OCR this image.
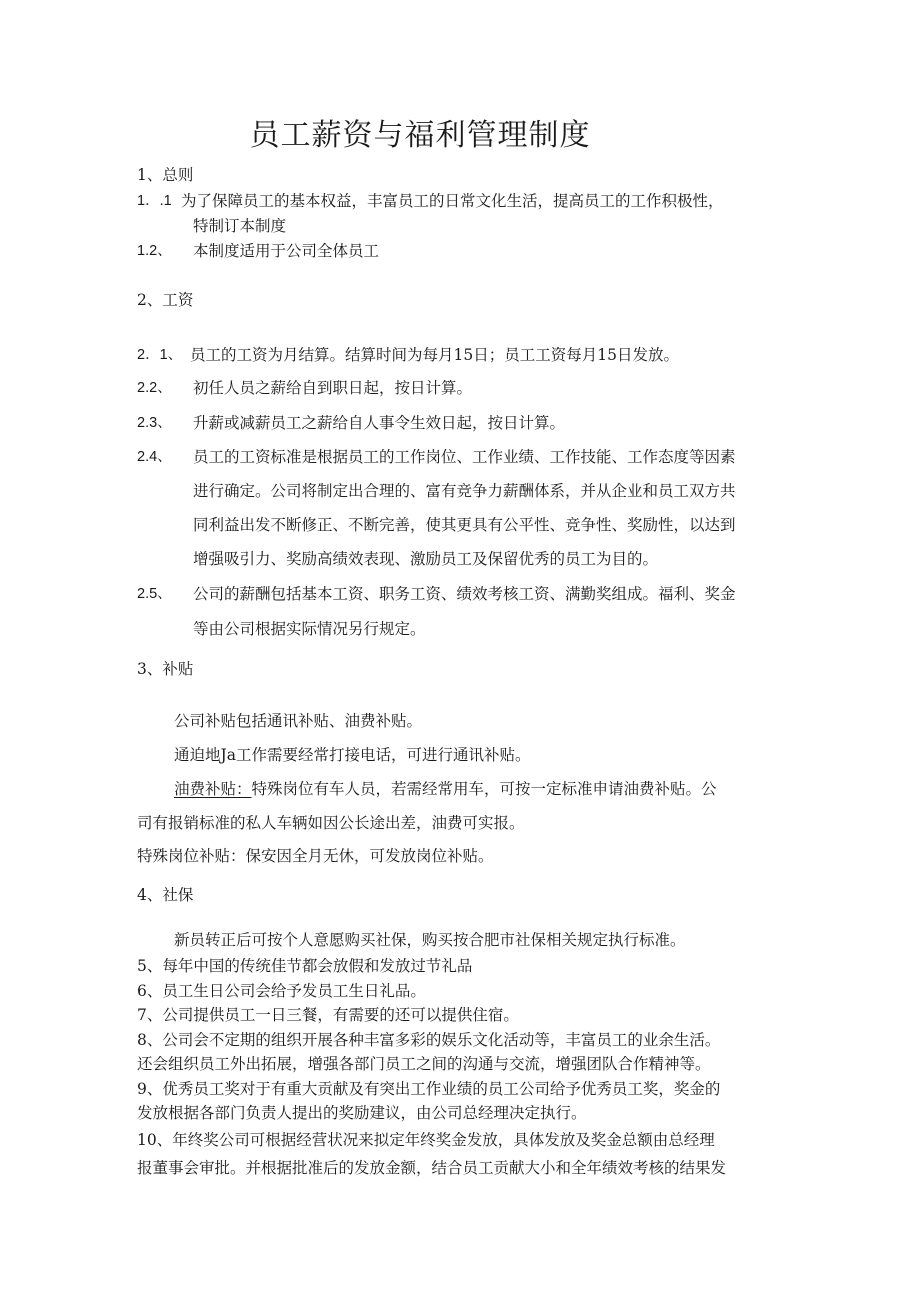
员工薪资与福利管理制度
1、总则
1．.1 为了保障员工的基本权益，丰富员工的日常文化生活，提高员工的工作积极性，
特制订本制度
1.2、 本制度适用于公司全体员工
2、工资
2．1、 员工的工资为月结算。结算时间为每月15日；员工工资每月15日发放。
2.2、 初任人员之薪给自到职日起，按日计算。
2.3、 升薪或减薪员工之薪给自人事令生效日起，按日计算。
2.4、 员工的工资标准是根据员工的工作岗位、工作业绩、工作技能、工作态度等因素
进行确定。公司将制定出合理的、富有竞争力薪酬体系，并从企业和员工双方共
同利益出发不断修正、不断完善，使其更具有公平性、竞争性、奖励性，以达到
增强吸引力、奖励高绩效表现、激励员工及保留优秀的员工为目的。
2.5、 公司的薪酬包括基本工资、职务工资、绩效考核工资、满勤奖组成。福利、奖金
等由公司根据实际情况另行规定。
3、补贴
公司补贴包括通讯补贴、油费补贴。
通迫地Ja工作需要经常打接电话，可进行通讯补贴。
油费补贴：特殊岗位有车人员，若需经常用车，可按一定标准申请油费补贴。公
司有报销标准的私人车辆如因公长途出差，油费可实报。
特殊岗位补贴：保安因全月无休，可发放岗位补贴。
4、社保
新员转正后可按个人意愿购买社保，购买按合肥市社保相关规定执行标准。
5、每年中国的传统佳节都会放假和发放过节礼品
6、员工生日公司会给予发员工生日礼品。
7、公司提供员工一日三餐，有需要的还可以提供住宿。
8、公司会不定期的组织开展各种丰富多彩的娱乐文化活动等，丰富员工的业余生活。
还会组织员工外出拓展，增强各部门员工之间的沟通与交流，增强团队合作精神等。
9、优秀员工奖对于有重大贡献及有突出工作业绩的员工公司给予优秀员工奖，奖金的
发放根据各部门负责人提出的奖励建议，由公司总经理决定执行。
10、年终奖公司可根据经营状况来拟定年终奖金发放，具体发放及奖金总额由总经理
报董事会审批。并根据批准后的发放金额，结合员工贡献大小和全年绩效考核的结果发
